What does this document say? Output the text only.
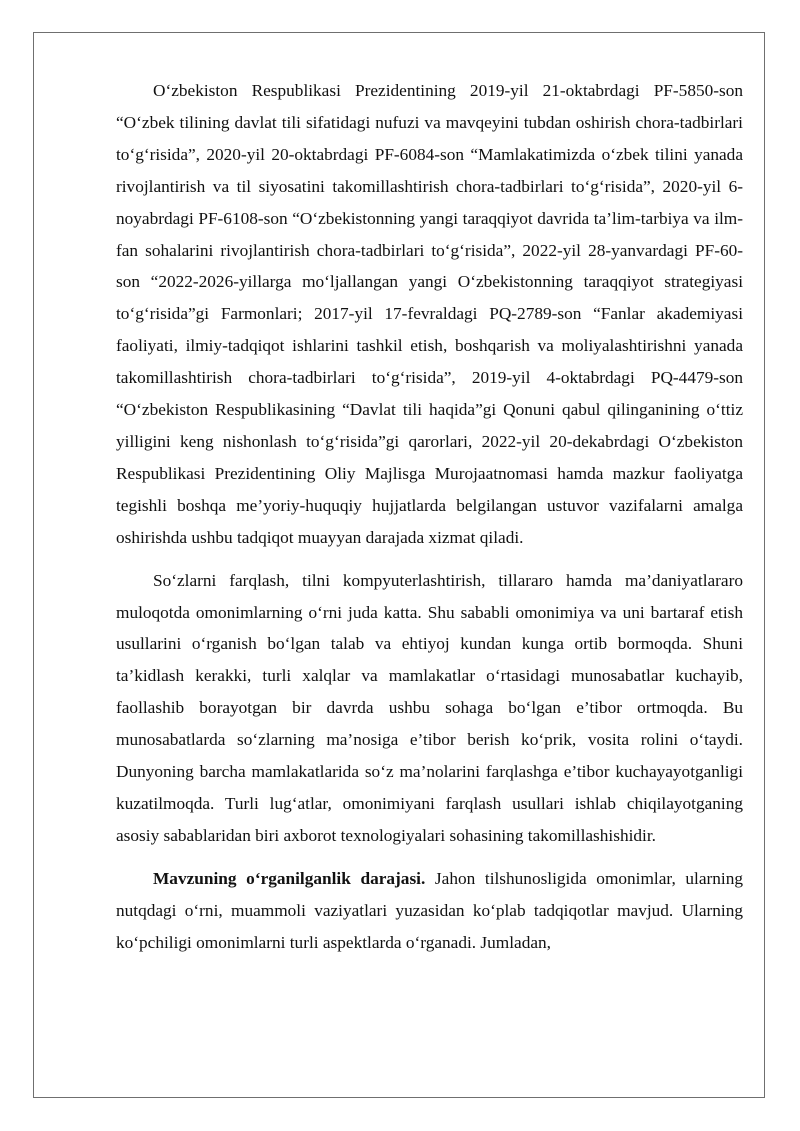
O‘zbekiston Respublikasi Prezidentining 2019-yil 21-oktabrdagi PF-5850-son “O‘zbek tilining davlat tili sifatidagi nufuzi va mavqeyini tubdan oshirish chora-tadbirlari to‘g‘risida”, 2020-yil 20-oktabrdagi PF-6084-son “Mamlakatimizda o‘zbek tilini yanada rivojlantirish va til siyosatini takomillashtirish chora-tadbirlari to‘g‘risida”, 2020-yil 6-noyabrdagi PF-6108-son “O‘zbekistonning yangi taraqqiyot davrida ta’lim-tarbiya va ilm-fan sohalarini rivojlantirish chora-tadbirlari to‘g‘risida”, 2022-yil 28-yanvardagi PF-60-son “2022-2026-yillarga mo‘ljallangan yangi O‘zbekistonning taraqqiyot strategiyasi to‘g‘risida”gi Farmonlari; 2017-yil 17-fevraldagi PQ-2789-son “Fanlar akademiyasi faoliyati, ilmiy-tadqiqot ishlarini tashkil etish, boshqarish va moliyalashtirishni yanada takomillashtirish chora-tadbirlari to‘g‘risida”, 2019-yil 4-oktabrdagi PQ-4479-son “O‘zbekiston Respublikasining “Davlat tili haqida”gi Qonuni qabul qilinganining o‘ttiz yilligini keng nishonlash to‘g‘risida”gi qarorlari, 2022-yil 20-dekabrdagi O‘zbekiston Respublikasi Prezidentining Oliy Majlisga Murojaatnomasi hamda mazkur faoliyatga tegishli boshqa me’yoriy-huquqiy hujjatlarda belgilangan ustuvor vazifalarni amalga oshirishda ushbu tadqiqot muayyan darajada xizmat qiladi.

So‘zlarni farqlash, tilni kompyuterlashtirish, tillararo hamda ma’daniyatlararo muloqotda omonimlarning o‘rni juda katta. Shu sababli omonimiya va uni bartaraf etish usullarini o‘rganish bo‘lgan talab va ehtiyoj kundan kunga ortib bormoqda. Shuni ta’kidlash kerakki, turli xalqlar va mamlakatlar o‘rtasidagi munosabatlar kuchayib, faollashib borayotgan bir davrda ushbu sohaga bo‘lgan e’tibor ortmoqda. Bu munosabatlarda so‘zlarning ma’nosiga e’tibor berish ko‘prik, vosita rolini o‘taydi. Dunyoning barcha mamlakatlarida so‘z ma’nolarini farqlashga e’tibor kuchayayotganligi kuzatilmoqda. Turli lug‘atlar, omonimiyani farqlash usullari ishlab chiqilayotganing asosiy sabablaridan biri axborot texnologiyalari sohasining takomillashishidir.

Mavzuning o‘rganilganlik darajasi. Jahon tilshunosligida omonimlar, ularning nutqdagi o‘rni, muammoli vaziyatlari yuzasidan ko‘plab tadqiqotlar mavjud. Ularning ko‘pchiligi omonimlarni turli aspektlarda o‘rganadi. Jumladan,
